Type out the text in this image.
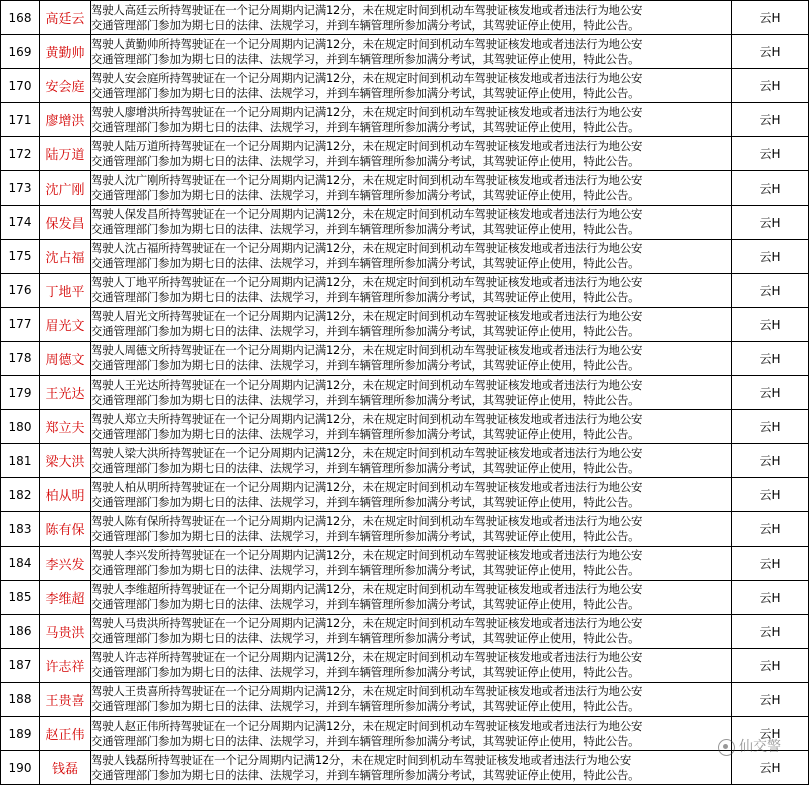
168	高廷云	驾驶人高廷云所持驾驶证在一个记分周期内记满12分，未在规定时间到机动车驾驶证核发地或者违法行为地公安
交通管理部门参加为期七日的法律、法规学习，并到车辆管理所参加满分考试，其驾驶证停止使用，特此公告。	云H
169	黄勤帅	驾驶人黄勤帅所持驾驶证在一个记分周期内记满12分，未在规定时间到机动车驾驶证核发地或者违法行为地公安
交通管理部门参加为期七日的法律、法规学习，并到车辆管理所参加满分考试，其驾驶证停止使用，特此公告。	云H
170	安会庭	驾驶人安会庭所持驾驶证在一个记分周期内记满12分，未在规定时间到机动车驾驶证核发地或者违法行为地公安
交通管理部门参加为期七日的法律、法规学习，并到车辆管理所参加满分考试，其驾驶证停止使用，特此公告。	云H
171	廖增洪	驾驶人廖增洪所持驾驶证在一个记分周期内记满12分，未在规定时间到机动车驾驶证核发地或者违法行为地公安
交通管理部门参加为期七日的法律、法规学习，并到车辆管理所参加满分考试，其驾驶证停止使用，特此公告。	云H
172	陆万道	驾驶人陆万道所持驾驶证在一个记分周期内记满12分，未在规定时间到机动车驾驶证核发地或者违法行为地公安
交通管理部门参加为期七日的法律、法规学习，并到车辆管理所参加满分考试，其驾驶证停止使用，特此公告。	云H
173	沈广刚	驾驶人沈广刚所持驾驶证在一个记分周期内记满12分，未在规定时间到机动车驾驶证核发地或者违法行为地公安
交通管理部门参加为期七日的法律、法规学习，并到车辆管理所参加满分考试，其驾驶证停止使用，特此公告。	云H
174	保发昌	驾驶人保发昌所持驾驶证在一个记分周期内记满12分，未在规定时间到机动车驾驶证核发地或者违法行为地公安
交通管理部门参加为期七日的法律、法规学习，并到车辆管理所参加满分考试，其驾驶证停止使用，特此公告。	云H
175	沈占福	驾驶人沈占福所持驾驶证在一个记分周期内记满12分，未在规定时间到机动车驾驶证核发地或者违法行为地公安
交通管理部门参加为期七日的法律、法规学习，并到车辆管理所参加满分考试，其驾驶证停止使用，特此公告。	云H
176	丁地平	驾驶人丁地平所持驾驶证在一个记分周期内记满12分，未在规定时间到机动车驾驶证核发地或者违法行为地公安
交通管理部门参加为期七日的法律、法规学习，并到车辆管理所参加满分考试，其驾驶证停止使用，特此公告。	云H
177	眉光文	驾驶人眉光文所持驾驶证在一个记分周期内记满12分，未在规定时间到机动车驾驶证核发地或者违法行为地公安
交通管理部门参加为期七日的法律、法规学习，并到车辆管理所参加满分考试，其驾驶证停止使用，特此公告。	云H
178	周德文	驾驶人周德文所持驾驶证在一个记分周期内记满12分，未在规定时间到机动车驾驶证核发地或者违法行为地公安
交通管理部门参加为期七日的法律、法规学习，并到车辆管理所参加满分考试，其驾驶证停止使用，特此公告。	云H
179	王光达	驾驶人王光达所持驾驶证在一个记分周期内记满12分，未在规定时间到机动车驾驶证核发地或者违法行为地公安
交通管理部门参加为期七日的法律、法规学习，并到车辆管理所参加满分考试，其驾驶证停止使用，特此公告。	云H
180	郑立夫	驾驶人郑立夫所持驾驶证在一个记分周期内记满12分，未在规定时间到机动车驾驶证核发地或者违法行为地公安
交通管理部门参加为期七日的法律、法规学习，并到车辆管理所参加满分考试，其驾驶证停止使用，特此公告。	云H
181	梁大洪	驾驶人梁大洪所持驾驶证在一个记分周期内记满12分，未在规定时间到机动车驾驶证核发地或者违法行为地公安
交通管理部门参加为期七日的法律、法规学习，并到车辆管理所参加满分考试，其驾驶证停止使用，特此公告。	云H
182	柏从明	驾驶人柏从明所持驾驶证在一个记分周期内记满12分，未在规定时间到机动车驾驶证核发地或者违法行为地公安
交通管理部门参加为期七日的法律、法规学习，并到车辆管理所参加满分考试，其驾驶证停止使用，特此公告。	云H
183	陈有保	驾驶人陈有保所持驾驶证在一个记分周期内记满12分，未在规定时间到机动车驾驶证核发地或者违法行为地公安
交通管理部门参加为期七日的法律、法规学习，并到车辆管理所参加满分考试，其驾驶证停止使用，特此公告。	云H
184	李兴发	驾驶人李兴发所持驾驶证在一个记分周期内记满12分，未在规定时间到机动车驾驶证核发地或者违法行为地公安
交通管理部门参加为期七日的法律、法规学习，并到车辆管理所参加满分考试，其驾驶证停止使用，特此公告。	云H
185	李维超	驾驶人李维超所持驾驶证在一个记分周期内记满12分，未在规定时间到机动车驾驶证核发地或者违法行为地公安
交通管理部门参加为期七日的法律、法规学习，并到车辆管理所参加满分考试，其驾驶证停止使用，特此公告。	云H
186	马贵洪	驾驶人马贵洪所持驾驶证在一个记分周期内记满12分，未在规定时间到机动车驾驶证核发地或者违法行为地公安
交通管理部门参加为期七日的法律、法规学习，并到车辆管理所参加满分考试，其驾驶证停止使用，特此公告。	云H
187	许志祥	驾驶人许志祥所持驾驶证在一个记分周期内记满12分，未在规定时间到机动车驾驶证核发地或者违法行为地公安
交通管理部门参加为期七日的法律、法规学习，并到车辆管理所参加满分考试，其驾驶证停止使用，特此公告。	云H
188	王贵喜	驾驶人王贵喜所持驾驶证在一个记分周期内记满12分，未在规定时间到机动车驾驶证核发地或者违法行为地公安
交通管理部门参加为期七日的法律、法规学习，并到车辆管理所参加满分考试，其驾驶证停止使用，特此公告。	云H
189	赵正伟	驾驶人赵正伟所持驾驶证在一个记分周期内记满12分，未在规定时间到机动车驾驶证核发地或者违法行为地公安
交通管理部门参加为期七日的法律、法规学习，并到车辆管理所参加满分考试，其驾驶证停止使用，特此公告。	云H
190	钱磊	驾驶人钱磊所持驾驶证在一个记分周期内记满12分，未在规定时间到机动车驾驶证核发地或者违法行为地公安
交通管理部门参加为期七日的法律、法规学习，并到车辆管理所参加满分考试，其驾驶证停止使用，特此公告。	云H
仙交警
